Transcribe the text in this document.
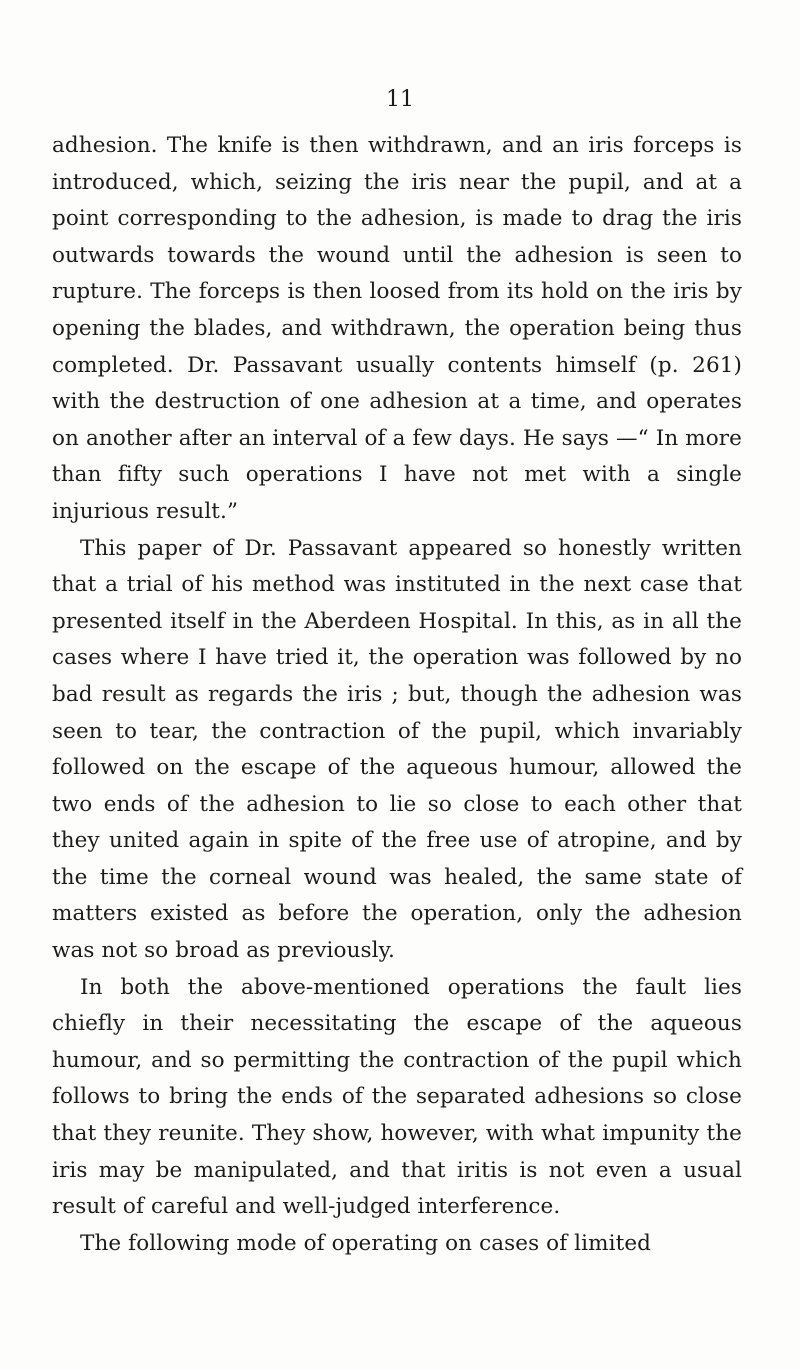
11

adhesion. The knife is then withdrawn, and an iris forceps is introduced, which, seizing the iris near the pupil, and at a point corresponding to the adhesion, is made to drag the iris outwards towards the wound until the adhesion is seen to rupture. The forceps is then loosed from its hold on the iris by opening the blades, and withdrawn, the operation being thus completed. Dr. Passavant usually contents himself (p. 261) with the destruction of one adhesion at a time, and operates on another after an interval of a few days. He says —“ In more than fifty such operations I have not met with a single injurious result.”

This paper of Dr. Passavant appeared so honestly written that a trial of his method was instituted in the next case that presented itself in the Aberdeen Hospital. In this, as in all the cases where I have tried it, the operation was followed by no bad result as regards the iris ; but, though the adhesion was seen to tear, the contraction of the pupil, which invariably followed on the escape of the aqueous humour, allowed the two ends of the adhesion to lie so close to each other that they united again in spite of the free use of atropine, and by the time the corneal wound was healed, the same state of matters existed as before the operation, only the adhesion was not so broad as previously.

In both the above-mentioned operations the fault lies chiefly in their necessitating the escape of the aqueous humour, and so permitting the contraction of the pupil which follows to bring the ends of the separated adhesions so close that they reunite. They show, however, with what impunity the iris may be manipulated, and that iritis is not even a usual result of careful and well-judged interference.

The following mode of operating on cases of limited
